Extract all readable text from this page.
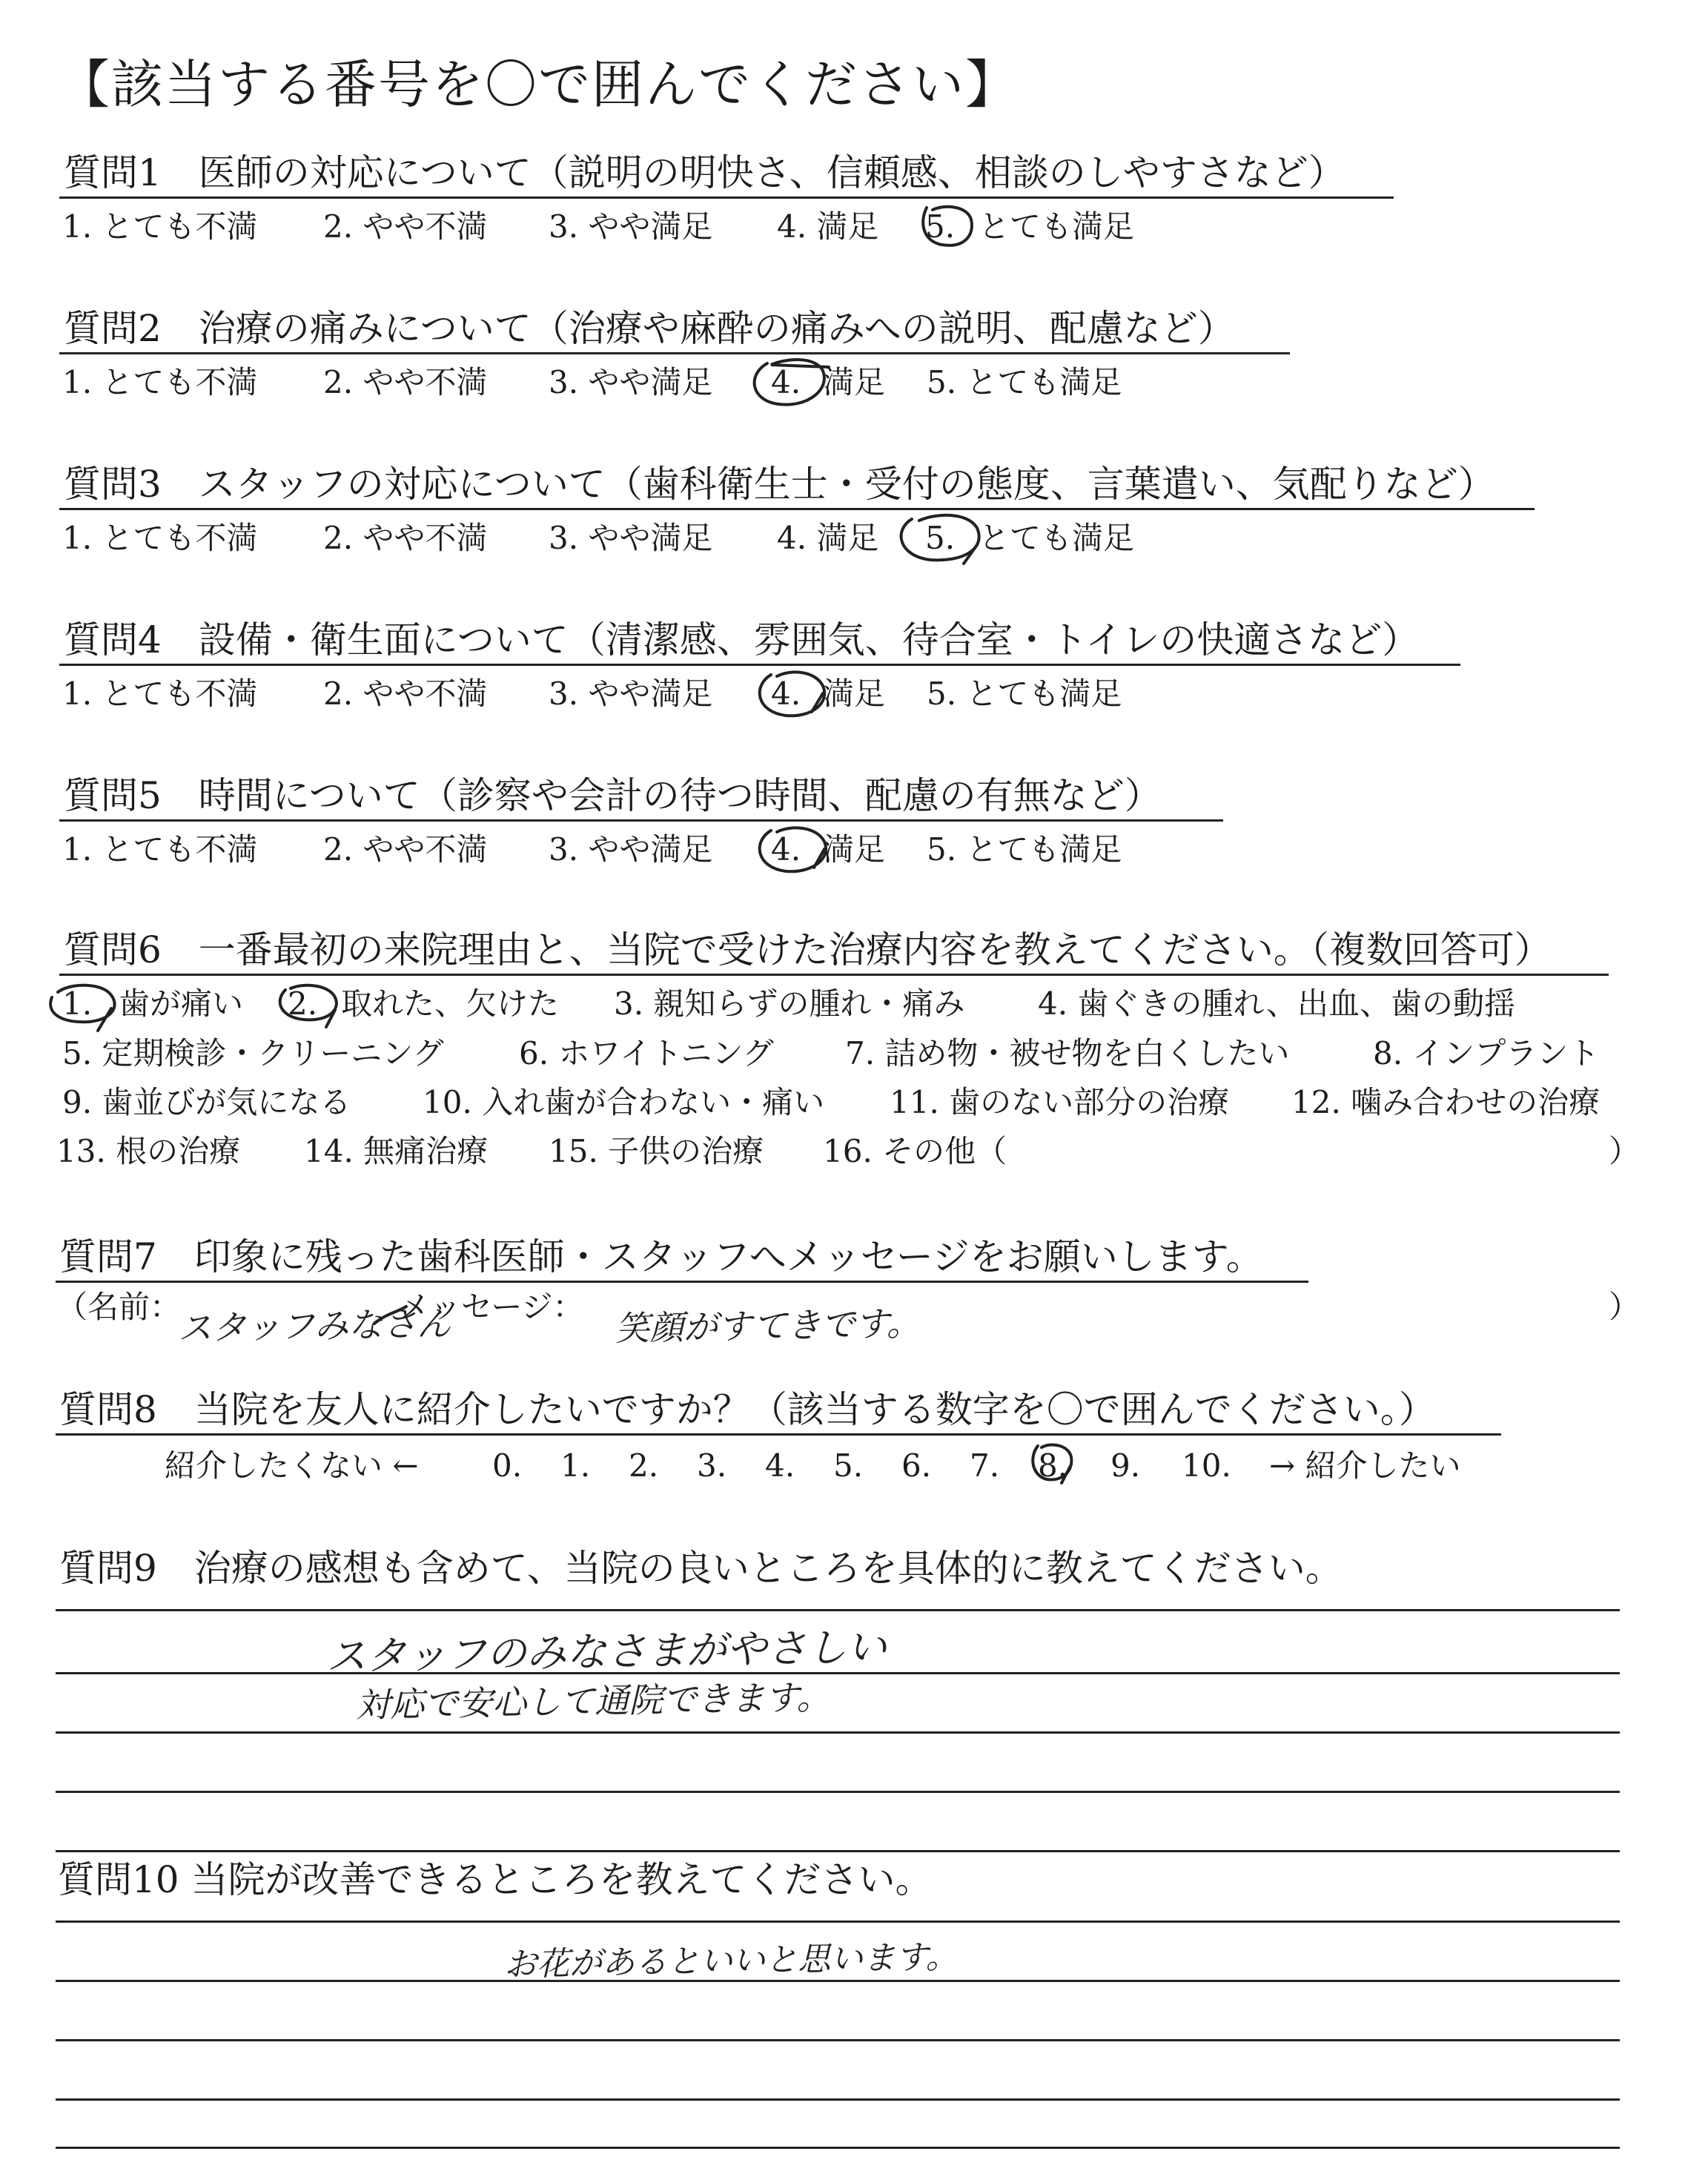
【該当する番号を〇で囲んでください】
質問1　医師の対応について（説明の明快さ、信頼感、相談のしやすさなど）
1. とても不満 2. やや不満 3. やや満足 4. 満足 5. とても満足
質問2　治療の痛みについて（治療や麻酔の痛みへの説明、配慮など）
1. とても不満 2. やや不満 3. やや満足 4. 満足 5. とても満足
質問3　スタッフの対応について（歯科衛生士・受付の態度、言葉遣い、気配りなど）
1. とても不満 2. やや不満 3. やや満足 4. 満足 5. とても満足
質問4　設備・衛生面について（清潔感、雰囲気、待合室・トイレの快適さなど）
1. とても不満 2. やや不満 3. やや満足 4. 満足 5. とても満足
質問5　時間について（診察や会計の待つ時間、配慮の有無など）
1. とても不満 2. やや不満 3. やや満足 4. 満足 5. とても満足
質問6　一番最初の来院理由と、当院で受けた治療内容を教えてください。（複数回答可）
1. 歯が痛い 2. 取れた、欠けた 3. 親知らずの腫れ・痛み 4. 歯ぐきの腫れ、出血、歯の動揺
5. 定期検診・クリーニング 6. ホワイトニング 7. 詰め物・被せ物を白くしたい	8. インプラント
9. 歯並びが気になる 10. 入れ歯が合わない・痛い 11. 歯のない部分の治療 12. 噛み合わせの治療
13. 根の治療 14. 無痛治療 15. 子供の治療 16. その他（	）
質問7　印象に残った歯科医師・スタッフへメッセージをお願いします。
（名前：	メッセージ：	）
スタッフみなさん	笑顔がすてきです。
質問8　当院を友人に紹介したいですか？（該当する数字を〇で囲んでください。）
紹介したくない ← 0. 1. 2. 3. 4. 5. 6. 7. 8. 9. 10. → 紹介したい
質問9　治療の感想も含めて、当院の良いところを具体的に教えてください。
スタッフのみなさまがやさしい
対応で安心して通院できます。
質問10 当院が改善できるところを教えてください。
お花があるといいと思います。
